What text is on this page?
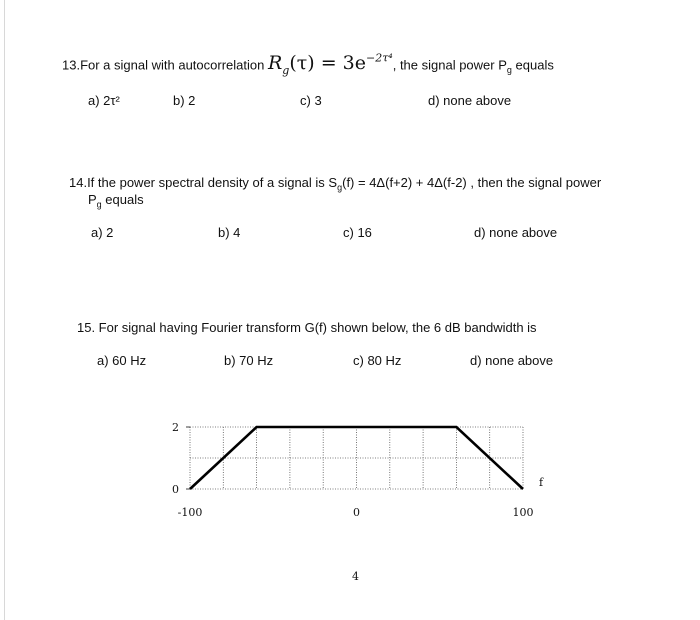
13.For a signal with autocorrelation $R_g(\tau) = 3e^{-2\tau^4}$, the signal power $P_g$ equals
a) 2τ²	b) 2	c) 3	d) none above
14.If the power spectral density of a signal is $S_g(f) = 4\Delta(f+2) + 4\Delta(f-2)$ , then the signal power
$P_g$ equals
a) 2	b) 4	c) 16	d) none above
15. For signal having Fourier transform G(f) shown below, the 6 dB bandwidth is
a) 60 Hz	b) 70 Hz	c) 80 Hz	d) none above
0
2
-100	0	100
f
4
